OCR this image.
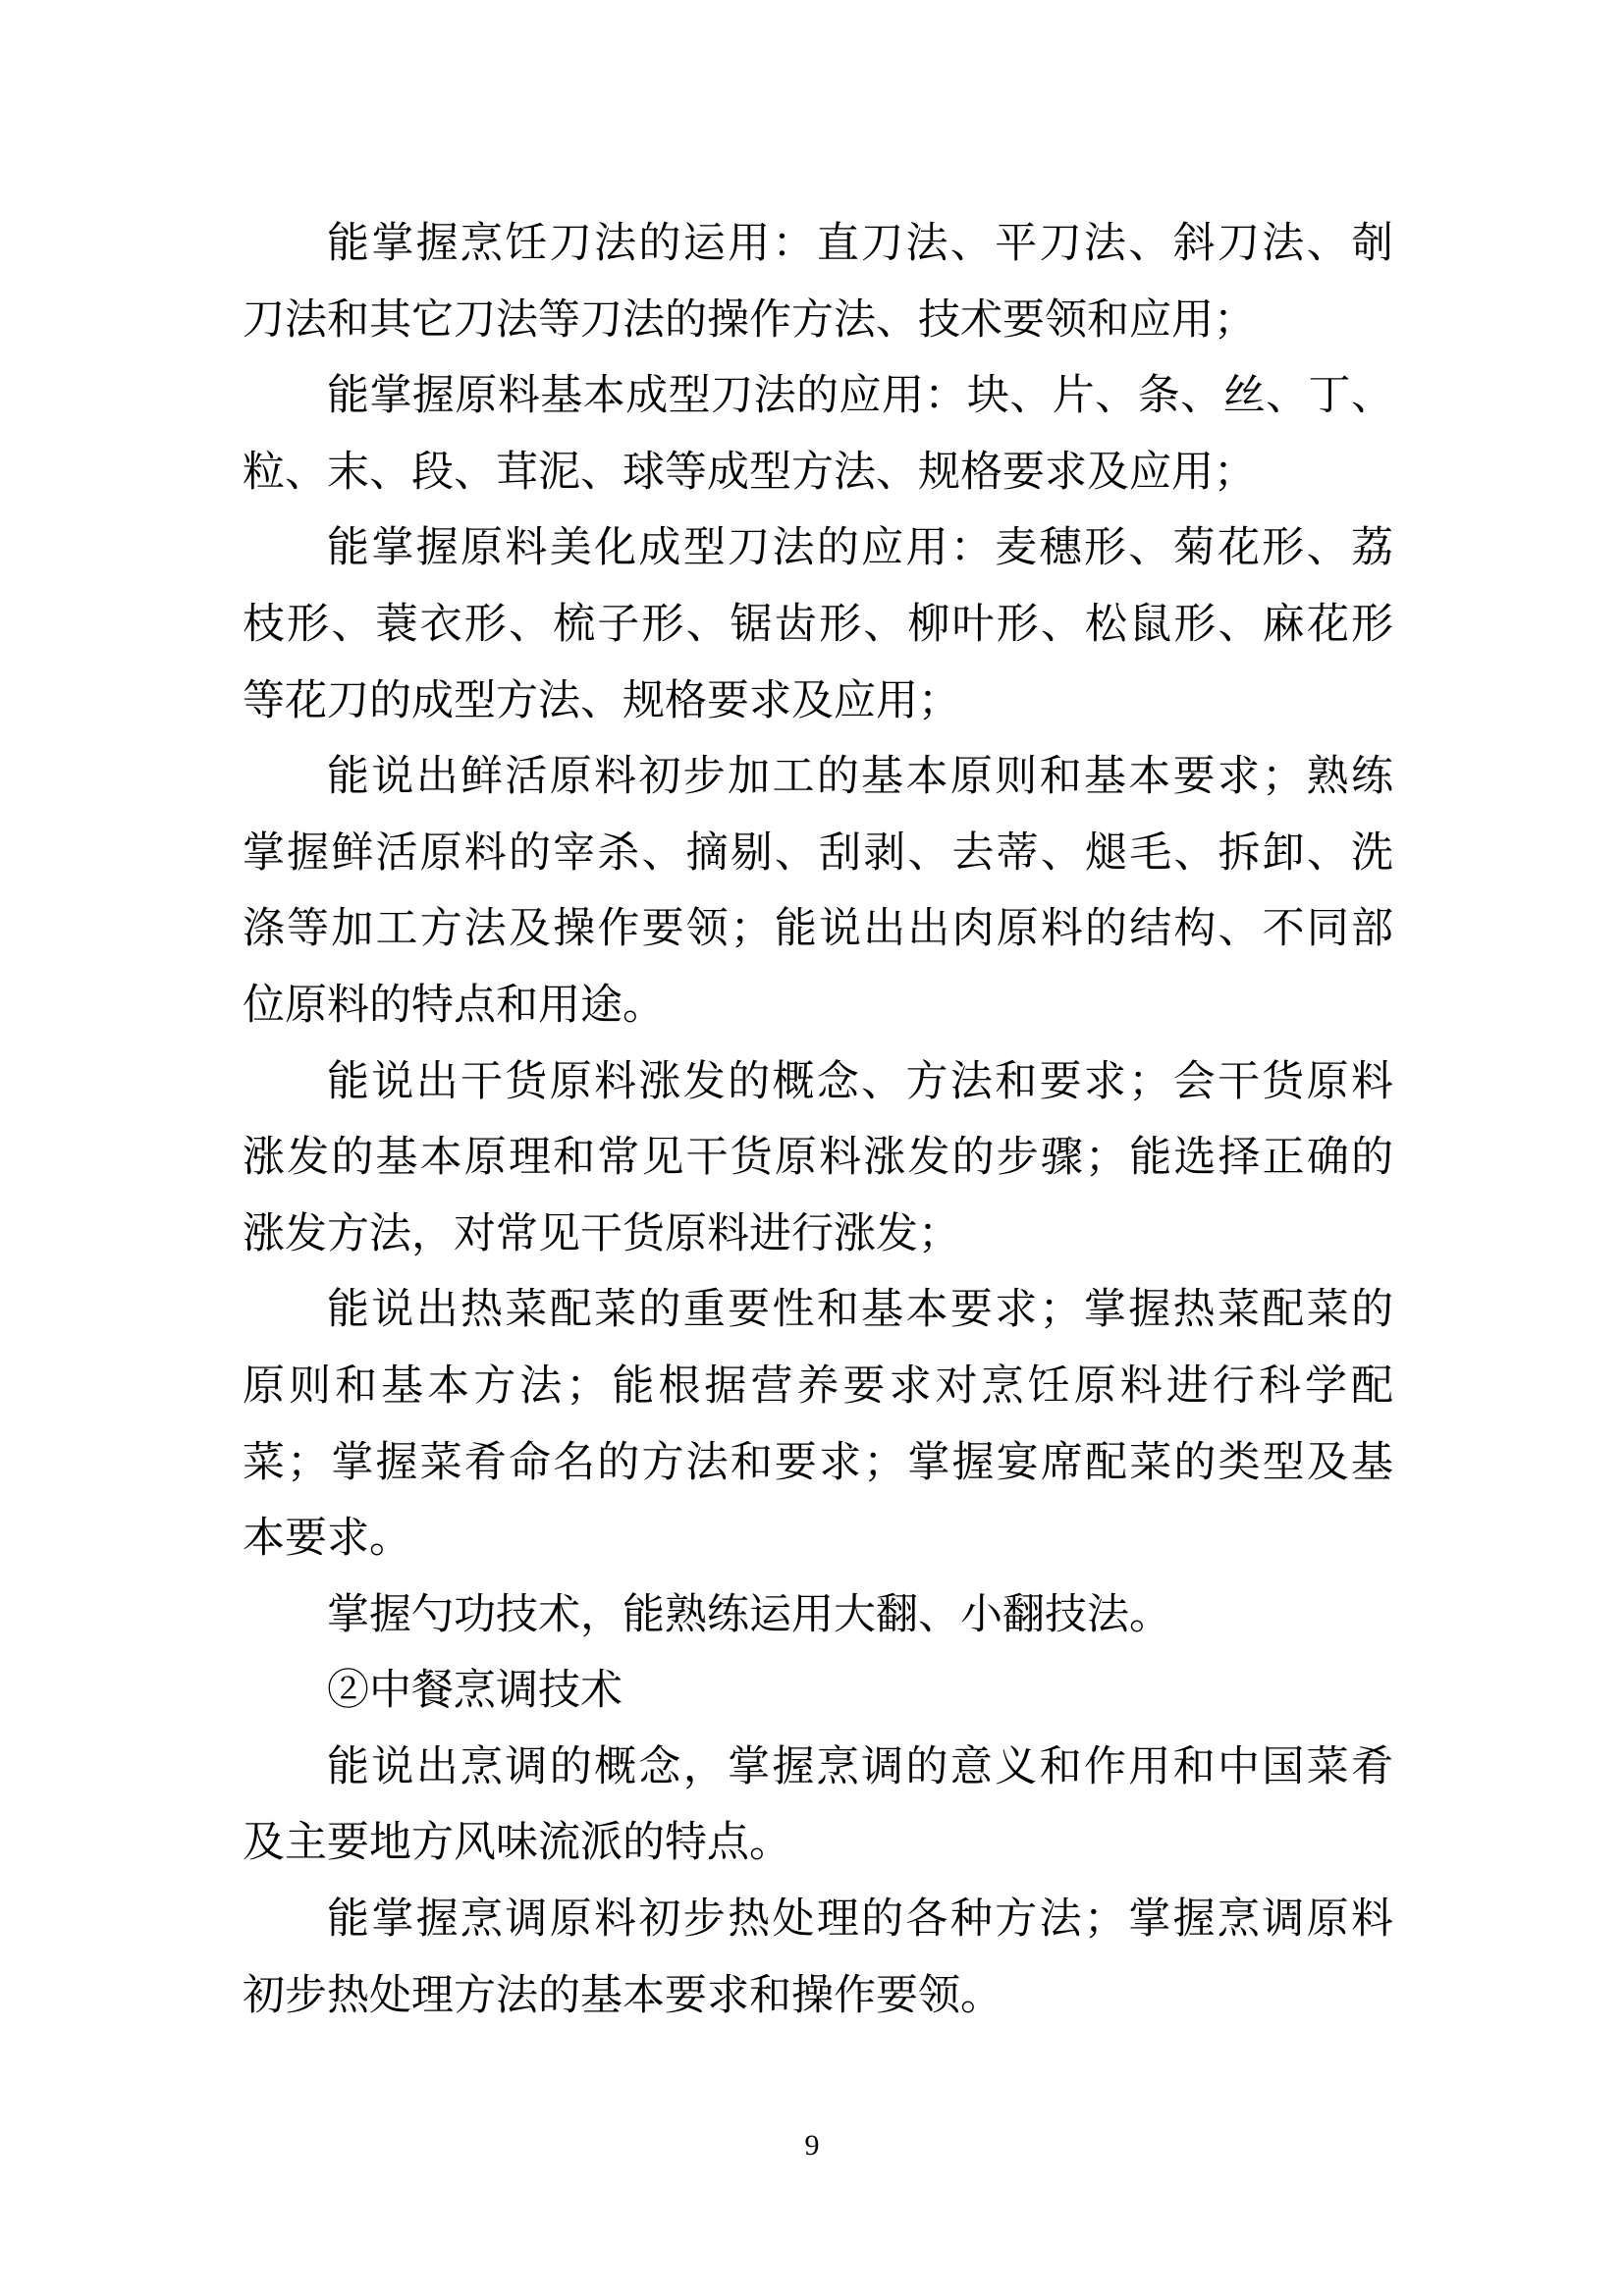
能掌握烹饪刀法的运用：直刀法、平刀法、斜刀法、剞
刀法和其它刀法等刀法的操作方法、技术要领和应用；
能掌握原料基本成型刀法的应用：块、片、条、丝、丁、
粒、末、段、茸泥、球等成型方法、规格要求及应用；
能掌握原料美化成型刀法的应用：麦穗形、菊花形、荔
枝形、蓑衣形、梳子形、锯齿形、柳叶形、松鼠形、麻花形
等花刀的成型方法、规格要求及应用；
能说出鲜活原料初步加工的基本原则和基本要求；熟练
掌握鲜活原料的宰杀、摘剔、刮剥、去蒂、煺毛、拆卸、洗
涤等加工方法及操作要领；能说出出肉原料的结构、不同部
位原料的特点和用途。
能说出干货原料涨发的概念、方法和要求；会干货原料
涨发的基本原理和常见干货原料涨发的步骤；能选择正确的
涨发方法，对常见干货原料进行涨发；
能说出热菜配菜的重要性和基本要求；掌握热菜配菜的
原则和基本方法；能根据营养要求对烹饪原料进行科学配
菜；掌握菜肴命名的方法和要求；掌握宴席配菜的类型及基
本要求。
掌握勺功技术，能熟练运用大翻、小翻技法。
②中餐烹调技术
能说出烹调的概念，掌握烹调的意义和作用和中国菜肴
及主要地方风味流派的特点。
能掌握烹调原料初步热处理的各种方法；掌握烹调原料
初步热处理方法的基本要求和操作要领。
9
